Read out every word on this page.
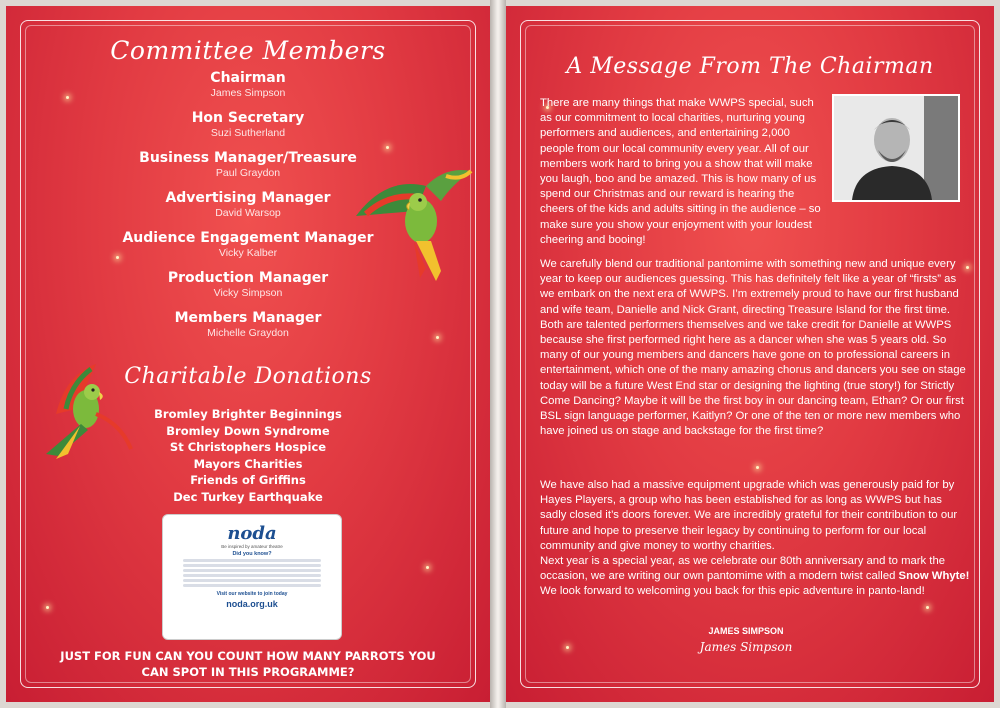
Committee Members
Chairman
James Simpson
Hon Secretary
Suzi Sutherland
Business Manager/Treasure
Paul Graydon
Advertising Manager
David Warsop
Audience Engagement Manager
Vicky Kalber
Production Manager
Vicky Simpson
Members Manager
Michelle Graydon
Charitable Donations
Bromley Brighter Beginnings
Bromley Down Syndrome
St Christophers Hospice
Mayors Charities
Friends of Griffins
Dec Turkey Earthquake
noda
Be inspired by amateur theatre
Did you know?
Visit our website to join today
noda.org.uk
JUST FOR FUN CAN YOU COUNT HOW MANY PARROTS YOU CAN SPOT IN THIS PROGRAMME?
A Message From The Chairman

There are many things that make WWPS special, such as our commitment to local charities, nurturing young performers and audiences, and entertaining 2,000 people from our local community every year. All of our members work hard to bring you a show that will make you laugh, boo and be amazed. This is how many of us spend our Christmas and our reward is hearing the cheers of the kids and adults sitting in the audience – so make sure you show your enjoyment with your loudest cheering and booing!

We carefully blend our traditional pantomime with something new and unique every year to keep our audiences guessing. This has definitely felt like a year of “firsts” as we embark on the next era of WWPS. I’m extremely proud to have our first husband and wife team, Danielle and Nick Grant, directing Treasure Island for the first time. Both are talented performers themselves and we take credit for Danielle at WWPS because she first performed right here as a dancer when she was 5 years old. So many of our young members and dancers have gone on to professional careers in entertainment, which one of the many amazing chorus and dancers you see on stage today will be a future West End star or designing the lighting (true story!) for Strictly Come Dancing? Maybe it will be the first boy in our dancing team, Ethan? Or our first BSL sign language performer, Kaitlyn? Or one of the ten or more new members who have joined us on stage and backstage for the first time?

We have also had a massive equipment upgrade which was generously paid for by Hayes Players, a group who has been established for as long as WWPS but has sadly closed it’s doors forever. We are incredibly grateful for their contribution to our future and hope to preserve their legacy by continuing to perform for our local community and give money to worthy charities.

Next year is a special year, as we celebrate our 80th anniversary and to mark the occasion, we are writing our own pantomime with a modern twist called Snow Whyte! We look forward to welcoming you back for this epic adventure in panto-land!

JAMES SIMPSON
James Simpson
